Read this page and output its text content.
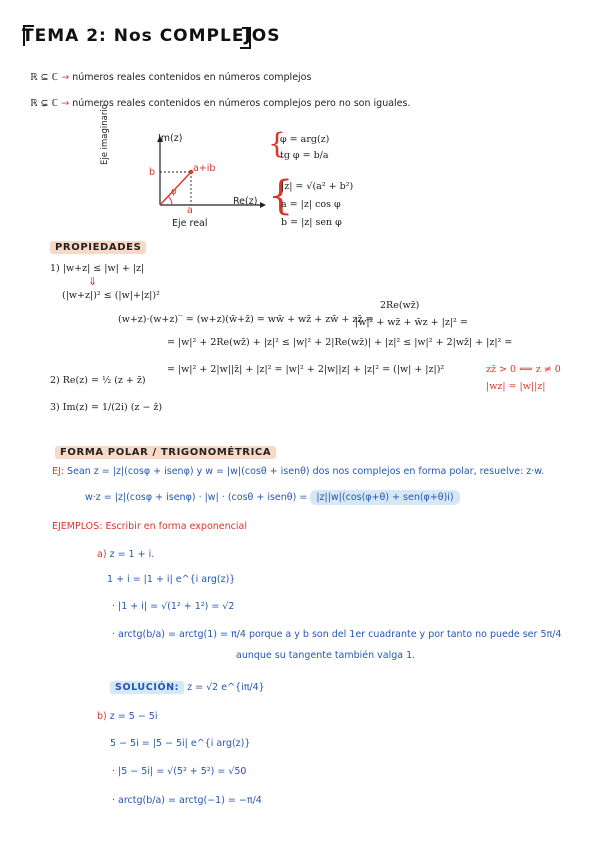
TEMA 2: Nos COMPLEJOS
ℝ ⊆ ℂ → números reales contenidos en números complejos
ℝ ⊊ ℂ → números reales contenidos en números complejos pero no son iguales.
Im(z)
Re(z)
Eje imaginario
Eje real
a+ib
b
a
φ
{
φ = arg(z)
tg φ = b/a
{
|z| = √(a² + b²)
a = |z| cos φ
b = |z| sen φ
PROPIEDADES
1) |w+z| ≤ |w| + |z|
⇓
(|w+z|)² ≤ (|w|+|z|)²
2Re(wz̄)
(w+z)·(w+z)‾ = (w+z)(w̄+z̄) = ww̄ + wz̄ + zw̄ + zz̄ =
|w|² + wz̄ + w̄z + |z|² =
= |w|² + 2Re(wz̄) + |z|² ≤ |w|² + 2|Re(wz̄)| + |z|² ≤ |w|² + 2|wz̄| + |z|² =
= |w|² + 2|w||z̄| + |z|² = |w|² + 2|w||z| + |z|² = (|w| + |z|)²	zz̄ > 0 ⟺ z ≠ 0
|wz| = |w||z|
2) Re(z) = ½ (z + z̄)
3) Im(z) = 1/(2i) (z − z̄)
FORMA POLAR / TRIGONOMÉTRICA
EJ: Sean z = |z|(cosφ + isenφ) y w = |w|(cosθ + isenθ) dos nos complejos en forma polar, resuelve: z·w.
w·z = |z|(cosφ + isenφ) · |w| · (cosθ + isenθ) = |z||w|(cos(φ+θ) + sen(φ+θ)i)
EJEMPLOS: Escribir en forma exponencial
a) z = 1 + i.
1 + i = |1 + i| e^{i arg(z)}
· |1 + i| = √(1² + 1²) = √2
· arctg(b/a) = arctg(1) = π/4 porque a y b son del 1er cuadrante y por tanto no puede ser 5π/4
aunque su tangente también valga 1.
SOLUCIÓN: z = √2 e^{iπ/4}
b) z = 5 − 5i
5 − 5i = |5 − 5i| e^{i arg(z)}
· |5 − 5i| = √(5² + 5²) = √50
· arctg(b/a) = arctg(−1) = −π/4
